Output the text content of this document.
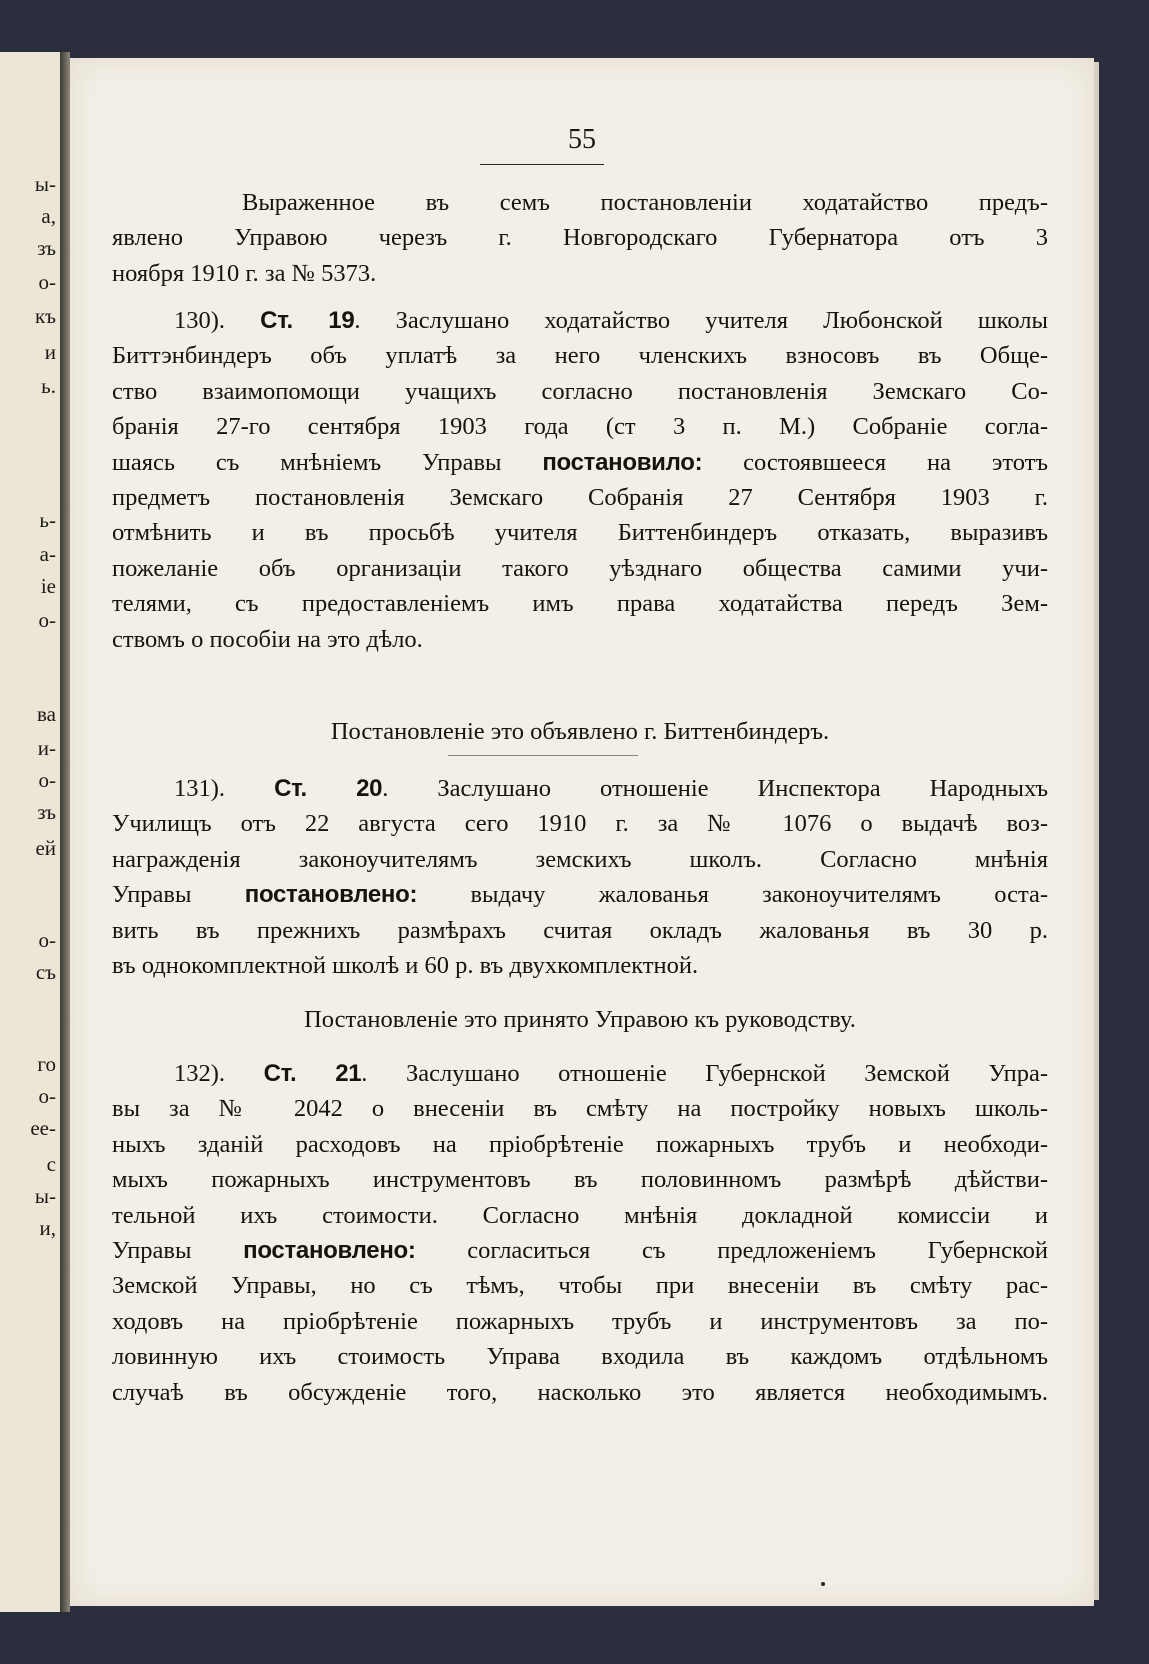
ы-
а,
зъ
о-
къ
и
ь.
ь-
а-
iе
о-
ва
и-
о-
зъ
ей
о-
съ
го
о-
ее-
с
ы-
и,
55
Выраженное въ семъ постановленiи ходатайство предъ-
явлено Управою черезъ г. Новгородскаго Губернатора отъ 3
ноября 1910 г. за № 5373.
130). Ст. 19. Заслушано ходатайство учителя Любонской школы
Биттэнбиндеръ объ уплатѣ за него членскихъ взносовъ въ Обще-
ство взаимопомощи учащихъ согласно постановленiя Земскаго Со-
бранiя 27-го сентября 1903 года (ст 3 п. М.) Собранiе согла-
шаясь съ мнѣнiемъ Управы постановило: состоявшееся на этотъ
предметъ постановленiя Земскаго Собранiя 27 Сентября 1903 г.
отмѣнить и въ просьбѣ учителя Биттенбиндеръ отказать, выразивъ
пожеланiе объ организацiи такого уѣзднаго общества самими учи-
телями, съ предоставленiемъ имъ права ходатайства передъ Зем-
ствомъ о пособiи на это дѣло.
Постановленiе это объявлено г. Биттенбиндеръ.
131). Ст. 20. Заслушано отношенiе Инспектора Народныхъ
Училищъ отъ 22 августа сего 1910 г. за № 1076 о выдачѣ воз-
награжденiя законоучителямъ земскихъ школъ. Согласно мнѣнiя
Управы постановлено: выдачу жалованья законоучителямъ оста-
вить въ прежнихъ размѣрахъ считая окладъ жалованья въ 30 р.
въ однокомплектной школѣ и 60 р. въ двухкомплектной.
Постановленiе это принято Управою къ руководству.
132). Ст. 21. Заслушано отношенiе Губернской Земской Упра-
вы за № 2042 о внесенiи въ смѣту на постройку новыхъ школь-
ныхъ зданiй расходовъ на прiобрѣтенiе пожарныхъ трубъ и необходи-
мыхъ пожарныхъ инструментовъ въ половинномъ размѣрѣ дѣйстви-
тельной ихъ стоимости. Согласно мнѣнiя докладной комиссiи и
Управы постановлено: согласиться съ предложенiемъ Губернской
Земской Управы, но съ тѣмъ, чтобы при внесенiи въ смѣту рас-
ходовъ на прiобрѣтенiе пожарныхъ трубъ и инструментовъ за по-
ловинную ихъ стоимость Управа входила въ каждомъ отдѣльномъ
случаѣ въ обсужденiе того, насколько это является необходимымъ.
